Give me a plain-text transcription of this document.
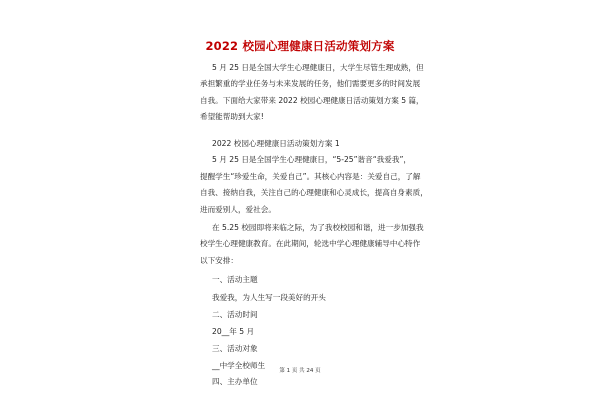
2022 校园心理健康日活动策划方案
5 月 25 日是全国大学生心理健康日，大学生尽管生理成熟，但
承担繁重的学业任务与未来发展的任务，他们需要更多的时间发展
自我。下面给大家带来 2022 校园心理健康日活动策划方案 5 篇，
希望能帮助到大家!
2022 校园心理健康日活动策划方案 1
5 月 25 日是全国学生心理健康日，“5-25”谐音“我爱我”，
提醒学生“珍爱生命，关爱自己”。其核心内容是：关爱自己，了解
自我、接纳自我，关注自己的心理健康和心灵成长，提高自身素质，
进而爱别人，爱社会。
在 5.25 校园即将来临之际，为了我校校园和谐，进一步加强我
校学生心理健康教育。在此期间，轮选中学心理健康辅导中心特作
以下安排：
一、活动主题
我爱我，为人生写一段美好的开头
二、活动时间
20__年 5 月
三、活动对象
__中学全校师生
四、主办单位
第 1 页 共 24 页
